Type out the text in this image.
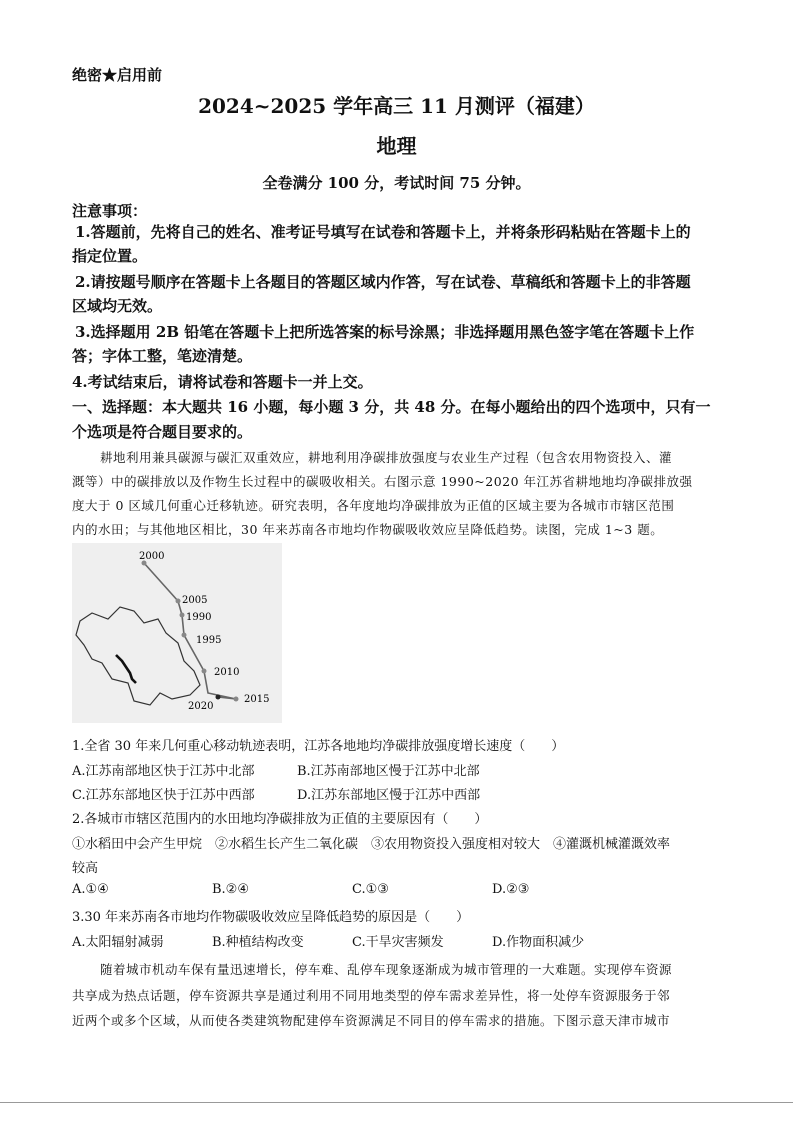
绝密★启用前
2024~2025 学年高三 11 月测评（福建）
地理
全卷满分 100 分，考试时间 75 分钟。
注意事项：
1.答题前，先将自己的姓名、准考证号填写在试卷和答题卡上，并将条形码粘贴在答题卡上的
指定位置。
2.请按题号顺序在答题卡上各题目的答题区域内作答，写在试卷、草稿纸和答题卡上的非答题
区域均无效。
3.选择题用 2B 铅笔在答题卡上把所选答案的标号涂黑；非选择题用黑色签字笔在答题卡上作
答；字体工整，笔迹清楚。
4.考试结束后，请将试卷和答题卡一并上交。
一、选择题：本大题共 16 小题，每小题 3 分，共 48 分。在每小题给出的四个选项中，只有一
个选项是符合题目要求的。
耕地利用兼具碳源与碳汇双重效应，耕地利用净碳排放强度与农业生产过程（包含农用物资投入、灌
溉等）中的碳排放以及作物生长过程中的碳吸收相关。右图示意 1990~2020 年江苏省耕地地均净碳排放强
度大于 0 区域几何重心迁移轨迹。研究表明，各年度地均净碳排放为正值的区域主要为各城市市辖区范围
内的水田；与其他地区相比，30 年来苏南各市地均作物碳吸收效应呈降低趋势。读图，完成 1~3 题。
2000
2005
1990
1995
2010
2020
2015
1.全省 30 年来几何重心移动轨迹表明，江苏各地地均净碳排放强度增长速度（　　）
A.江苏南部地区快于江苏中北部	B.江苏南部地区慢于江苏中北部
C.江苏东部地区快于江苏中西部	D.江苏东部地区慢于江苏中西部
2.各城市市辖区范围内的水田地均净碳排放为正值的主要原因有（　　）
①水稻田中会产生甲烷　②水稻生长产生二氧化碳　③农用物资投入强度相对较大　④灌溉机械灌溉效率
较高
A.①④	B.②④	C.①③	D.②③
3.30 年来苏南各市地均作物碳吸收效应呈降低趋势的原因是（　　）
A.太阳辐射减弱	B.种植结构改变	C.干旱灾害频发	D.作物面积减少
随着城市机动车保有量迅速增长，停车难、乱停车现象逐渐成为城市管理的一大难题。实现停车资源
共享成为热点话题，停车资源共享是通过利用不同用地类型的停车需求差异性，将一处停车资源服务于邻
近两个或多个区域，从而使各类建筑物配建停车资源满足不同目的停车需求的措施。下图示意天津市城市
